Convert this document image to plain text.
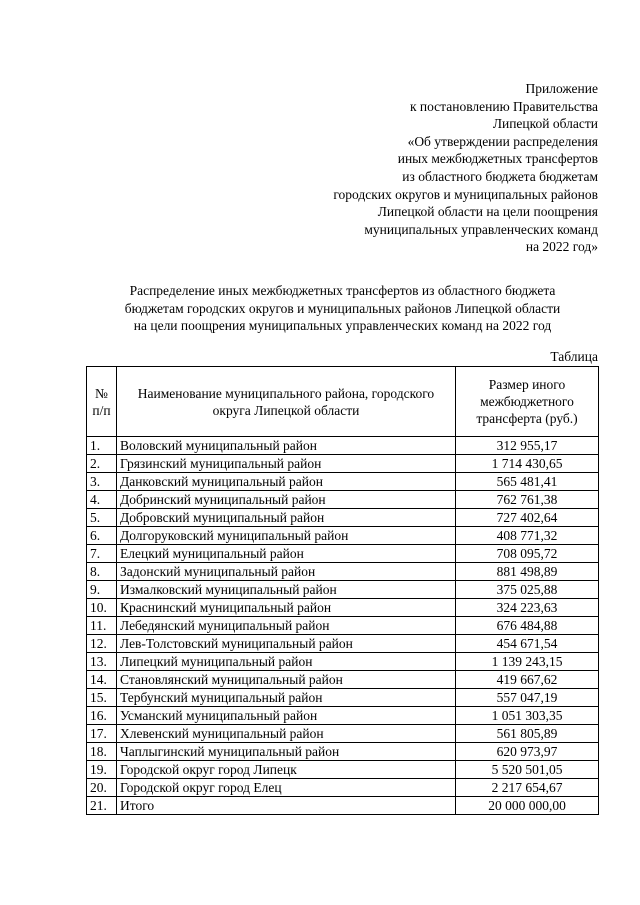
Приложение
к постановлению Правительства
Липецкой области
«Об утверждении распределения
иных межбюджетных трансфертов
из областного бюджета бюджетам
городских округов и муниципальных районов
Липецкой области на цели поощрения
муниципальных управленческих команд
на 2022 год»
Распределение иных межбюджетных трансфертов из областного бюджета
бюджетам городских округов и муниципальных районов Липецкой области
на цели поощрения муниципальных управленческих команд на 2022 год
Таблица
№ п/п	Наименование муниципального района, городского округа Липецкой области	Размер иного межбюджетного трансферта (руб.)
1.	Воловский муниципальный район	312 955,17
2.	Грязинский муниципальный район	1 714 430,65
3.	Данковский муниципальный район	565 481,41
4.	Добринский муниципальный район	762 761,38
5.	Добровский муниципальный район	727 402,64
6.	Долгоруковский муниципальный район	408 771,32
7.	Елецкий муниципальный район	708 095,72
8.	Задонский муниципальный район	881 498,89
9.	Измалковский муниципальный район	375 025,88
10.	Краснинский муниципальный район	324 223,63
11.	Лебедянский муниципальный район	676 484,88
12.	Лев-Толстовский муниципальный район	454 671,54
13.	Липецкий муниципальный район	1 139 243,15
14.	Становлянский муниципальный район	419 667,62
15.	Тербунский муниципальный район	557 047,19
16.	Усманский муниципальный район	1 051 303,35
17.	Хлевенский муниципальный район	561 805,89
18.	Чаплыгинский муниципальный район	620 973,97
19.	Городской округ город Липецк	5 520 501,05
20.	Городской округ город Елец	2 217 654,67
21.	Итого	20 000 000,00
